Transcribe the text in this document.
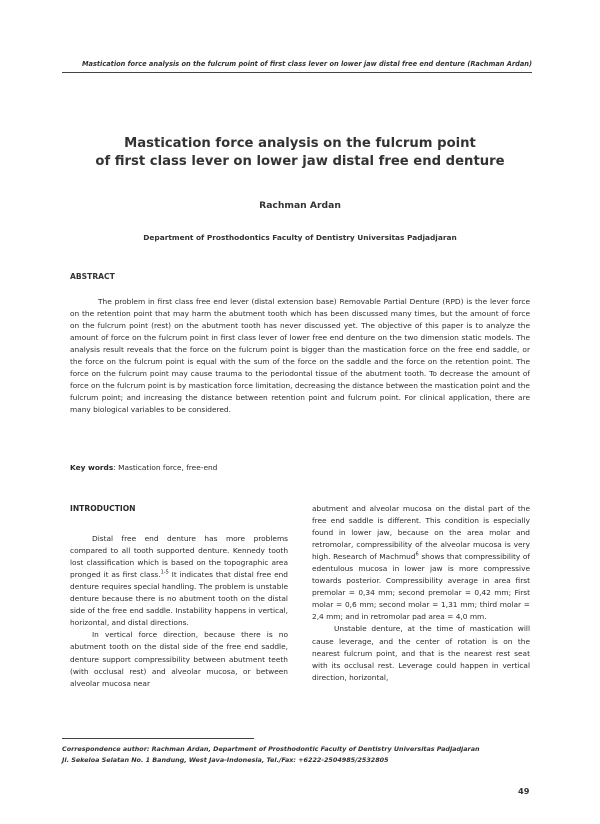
Mastication force analysis on the fulcrum point of first class lever on lower jaw distal free end denture (Rachman Ardan)
Mastication force analysis on the fulcrum point
of first class lever on lower jaw distal free end denture
Rachman Ardan
Department of Prosthodontics Faculty of Dentistry Universitas Padjadjaran
ABSTRACT
The problem in first class free end lever (distal extension base) Removable Partial Denture (RPD) is the lever force on the retention point that may harm the abutment tooth which has been discussed many times, but the amount of force on the fulcrum point (rest) on the abutment tooth has never discussed yet. The objective of this paper is to analyze the amount of force on the fulcrum point in first class lever of lower free end denture on the two dimension static models. The analysis result reveals that the force on the fulcrum point is bigger than the mastication force on the free end saddle, or the force on the fulcrum point is equal with the sum of the force on the saddle and the force on the retention point. The force on the fulcrum point may cause trauma to the periodontal tissue of the abutment tooth. To decrease the amount of force on the fulcrum point is by mastication force limitation, decreasing the distance between the mastication point and the fulcrum point; and increasing the distance between retention point and fulcrum point. For clinical application, there are many biological variables to be considered.
Key words: Mastication force, free-end
INTRODUCTION

Distal free end denture has more problems compared to all tooth supported denture. Kennedy tooth lost classification which is based on the topographic area pronged it as first class.$^{1-5}$ It indicates that distal free end denture requires special handling. The problem is unstable denture because there is no abutment tooth on the distal side of the free end saddle. Instability happens in vertical, horizontal, and distal directions.

In vertical force direction, because there is no abutment tooth on the distal side of the free end saddle, denture support compressibility between abutment teeth (with occlusal rest) and alveolar mucosa, or between alveolar mucosa near

abutment and alveolar mucosa on the distal part of the free end saddle is different. This condition is especially found in lower jaw, because on the area molar and retromolar, compressibility of the alveolar mucosa is very high. Research of Machmud$^6$ shows that compressibility of edentulous mucosa in lower jaw is more compressive towards posterior. Compressibility average in area first premolar = 0,34 mm; second premolar = 0,42 mm; First molar = 0,6 mm; second molar = 1,31 mm; third molar = 2,4 mm; and in retromolar pad area = 4,0 mm.

Unstable denture, at the time of mastication will cause leverage, and the center of rotation is on the nearest fulcrum point, and that is the nearest rest seat with its occlusal rest. Leverage could happen in vertical direction, horizontal,

Correspondence author: Rachman Ardan, Department of Prosthodontic Faculty of Dentistry Universitas Padjadjaran
Jl. Sekeloa Selatan No. 1 Bandung, West Java-Indonesia, Tel./Fax: +6222-2504985/2532805
49
